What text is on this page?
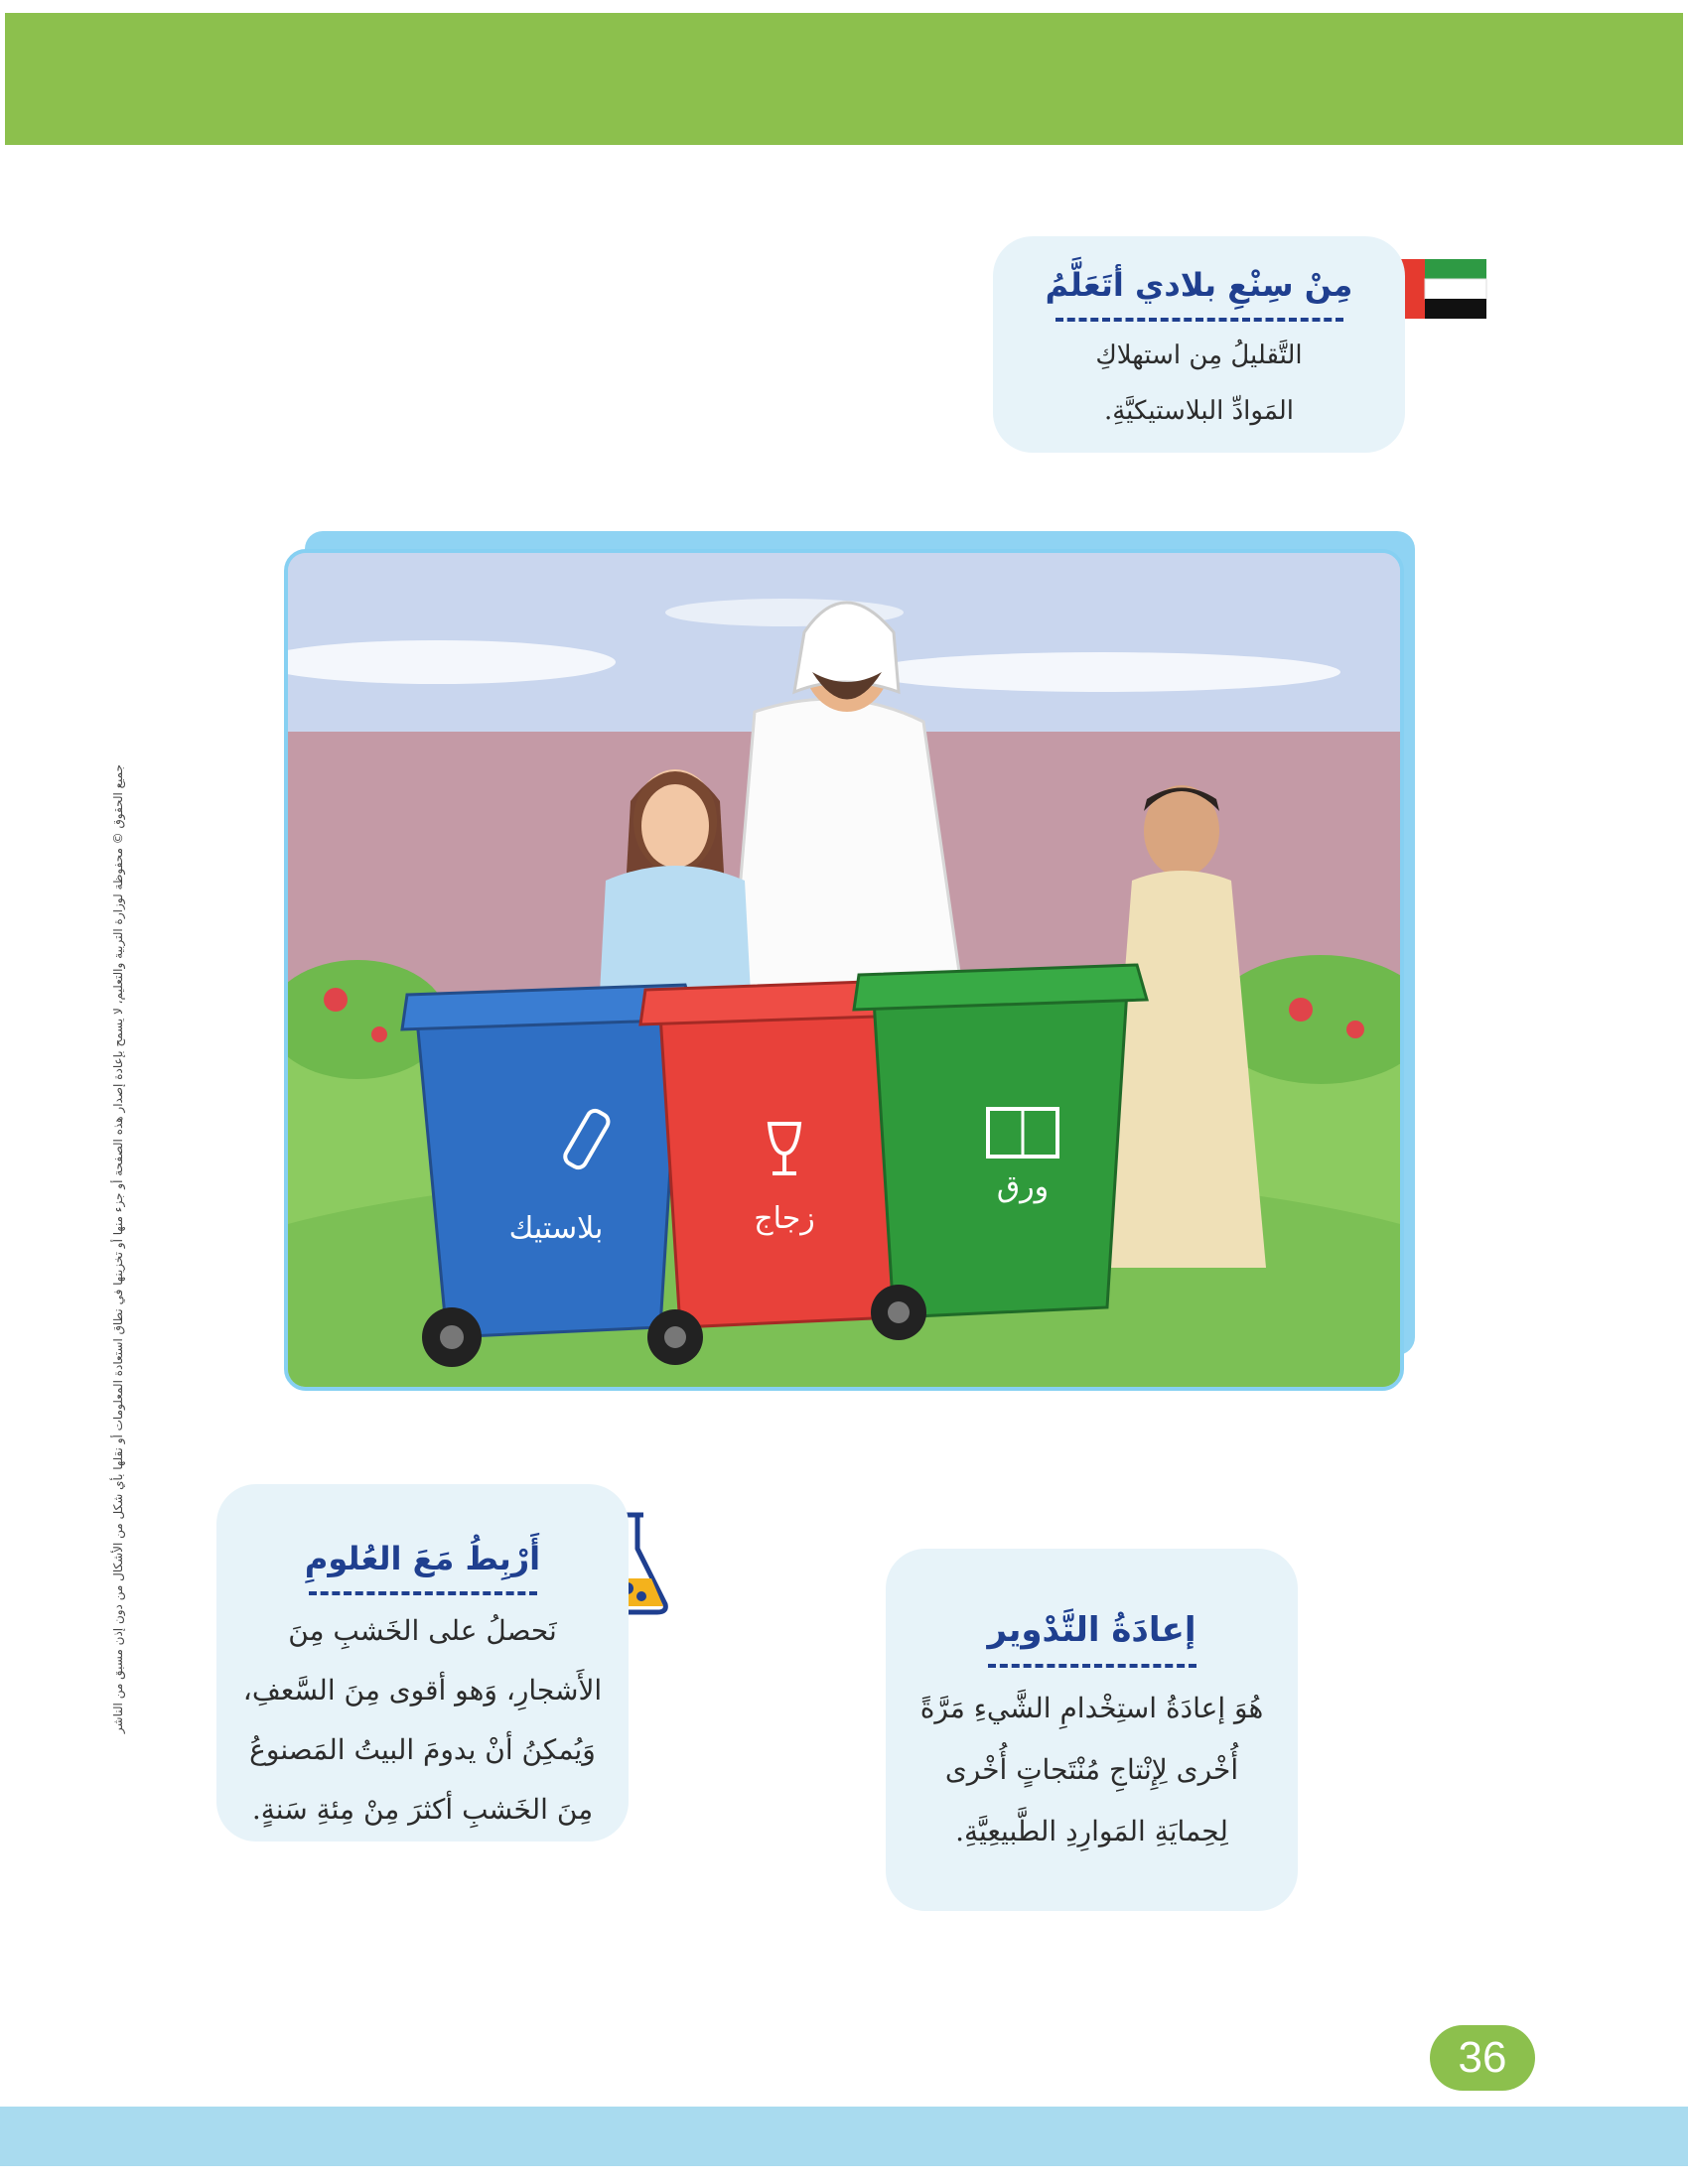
جميع الحقوق © محفوظة لوزارة التربية والتعليم، لا يسمح بإعادة إصدار هذه الصفحة أو جزء منها أو تخزينها في نطاق استعادة المعلومات أو نقلها بأي شكل من الأشكال من دون إذن مسبق من الناشر
مِنْ سِنْعِ بلادي أتَعَلَّمُ
التَّقليلُ مِن استهلاكِ
المَوادِّ البلاستيكيَّةِ.
بلاستيك	زجاج
ورق
أَرْبِطُ مَعَ العُلومِ
نَحصلُ على الخَشبِ مِنَ
الأَشجارِ، وَهو أقوى مِنَ السَّعفِ،
وَيُمكِنُ أنْ يدومَ البيتُ المَصنوعُ
مِنَ الخَشبِ أكثرَ مِنْ مِئةِ سَنةٍ.
إعادَةُ التَّدْوير
هُوَ إعادَةُ استِخْدامِ الشَّيءِ مَرَّةً
أُخْرى لِإِنْتاجِ مُنْتَجاتٍ أُخْرى
لِحِمايَةِ المَوارِدِ الطَّبيعِيَّةِ.
36
